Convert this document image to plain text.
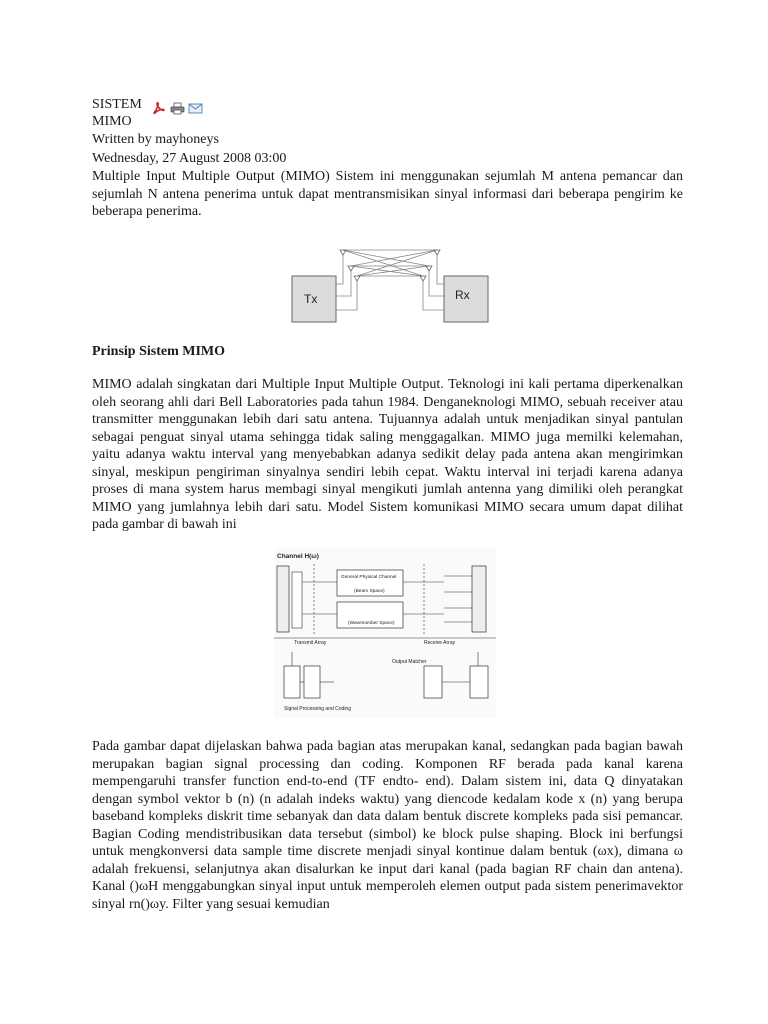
SISTEM MIMO
Written by mayhoneys
Wednesday, 27 August 2008 03:00

Multiple Input Multiple Output (MIMO) Sistem ini menggunakan sejumlah M antena pemancar dan sejumlah N antena penerima untuk dapat mentransmisikan sinyal informasi dari beberapa pengirim ke beberapa penerima.

Tx	Rx
Prinsip Sistem MIMO

MIMO adalah singkatan dari Multiple Input Multiple Output. Teknologi ini kali pertama diperkenalkan oleh seorang ahli dari Bell Laboratories pada tahun 1984. Denganeknologi MIMO, sebuah receiver atau transmitter menggunakan lebih dari satu antena. Tujuannya adalah untuk menjadikan sinyal pantulan sebagai penguat sinyal utama sehingga tidak saling menggagalkan. MIMO juga memilki kelemahan, yaitu adanya waktu interval yang menyebabkan adanya sedikit delay pada antena akan mengirimkan sinyal, meskipun pengiriman sinyalnya sendiri lebih cepat. Waktu interval ini terjadi karena adanya proses di mana system harus membagi sinyal mengikuti jumlah antenna yang dimiliki oleh perangkat MIMO yang jumlahnya lebih dari satu. Model Sistem komunikasi MIMO secara umum dapat dilihat pada gambar di bawah ini

Channel H(ω)
General Physical Channel
(Beam Space)
(Wavenumber Space)
Transmit Array	Receive Array
Output Matcher
Signal Processing and Coding

Pada gambar dapat dijelaskan bahwa pada bagian atas merupakan kanal, sedangkan pada bagian bawah merupakan bagian signal processing dan coding. Komponen RF berada pada kanal karena mempengaruhi transfer function end-to-end (TF endto- end). Dalam sistem ini, data Q dinyatakan dengan symbol vektor b (n) (n adalah indeks waktu) yang diencode kedalam kode x (n) yang berupa baseband kompleks diskrit time sebanyak dan data dalam bentuk discrete kompleks pada sisi pemancar. Bagian Coding mendistribusikan data tersebut (simbol) ke block pulse shaping. Block ini berfungsi untuk mengkonversi data sample time discrete menjadi sinyal kontinue dalam bentuk (ωx), dimana ω adalah frekuensi, selanjutnya akan disalurkan ke input dari kanal (pada bagian RF chain dan antena). Kanal ()ωH menggabungkan sinyal input untuk memperoleh elemen output pada sistem penerimavektor sinyal rn()ωy. Filter yang sesuai kemudian
